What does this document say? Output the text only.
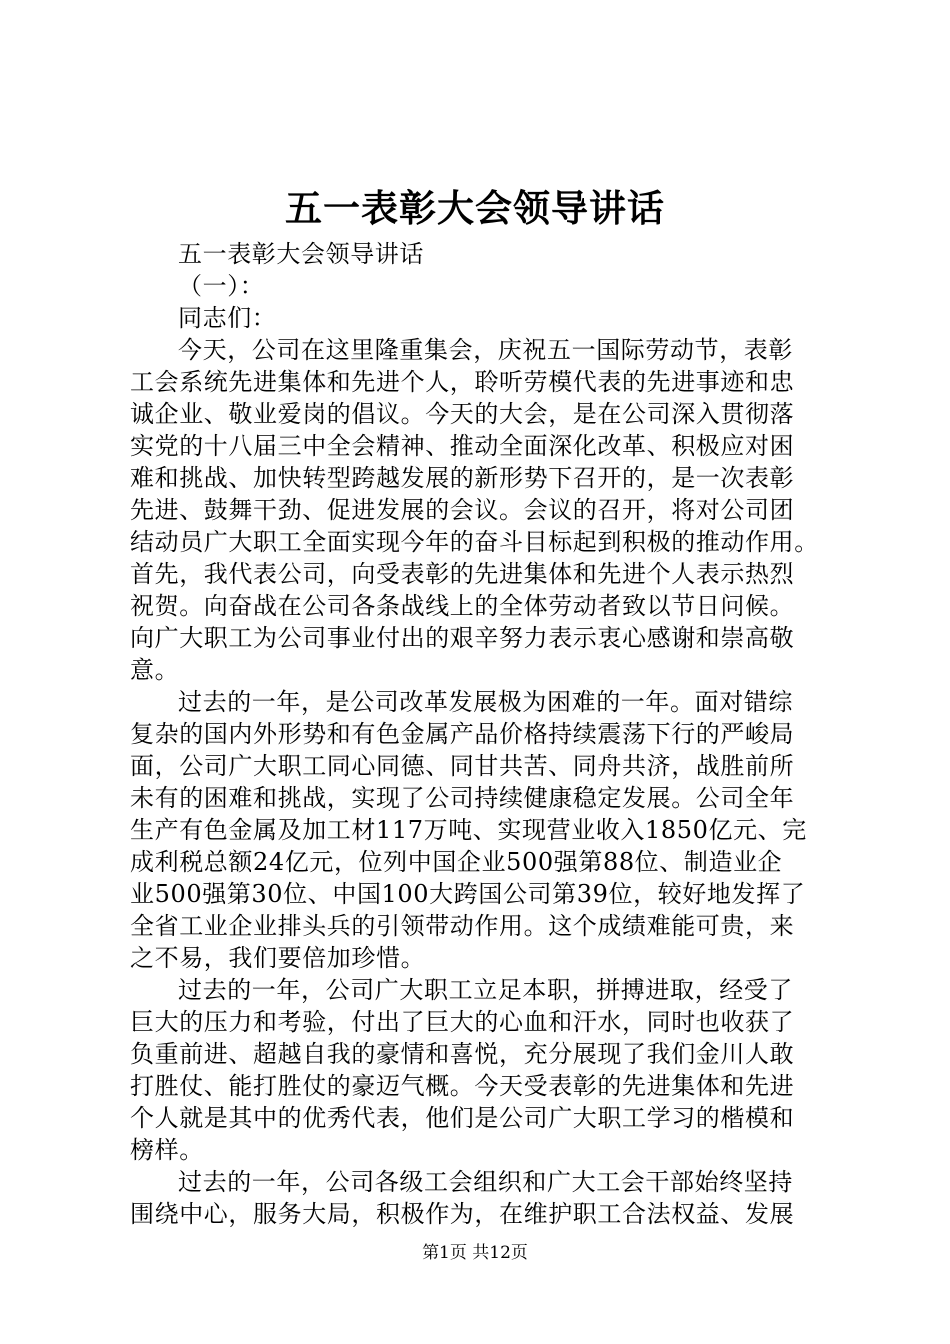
五一表彰大会领导讲话
五一表彰大会领导讲话
（一）：
同志们：
今天，公司在这里隆重集会，庆祝五一国际劳动节，表彰
工会系统先进集体和先进个人，聆听劳模代表的先进事迹和忠
诚企业、敬业爱岗的倡议。今天的大会，是在公司深入贯彻落
实党的十八届三中全会精神、推动全面深化改革、积极应对困
难和挑战、加快转型跨越发展的新形势下召开的，是一次表彰
先进、鼓舞干劲、促进发展的会议。会议的召开，将对公司团
结动员广大职工全面实现今年的奋斗目标起到积极的推动作用。
首先，我代表公司，向受表彰的先进集体和先进个人表示热烈
祝贺。向奋战在公司各条战线上的全体劳动者致以节日问候。
向广大职工为公司事业付出的艰辛努力表示衷心感谢和崇高敬
意。
过去的一年，是公司改革发展极为困难的一年。面对错综
复杂的国内外形势和有色金属产品价格持续震荡下行的严峻局
面，公司广大职工同心同德、同甘共苦、同舟共济，战胜前所
未有的困难和挑战，实现了公司持续健康稳定发展。公司全年
生产有色金属及加工材117万吨、实现营业收入1850亿元、完
成利税总额24亿元，位列中国企业500强第88位、制造业企
业500强第30位、中国100大跨国公司第39位，较好地发挥了
全省工业企业排头兵的引领带动作用。这个成绩难能可贵，来
之不易，我们要倍加珍惜。
过去的一年，公司广大职工立足本职，拼搏进取，经受了
巨大的压力和考验，付出了巨大的心血和汗水，同时也收获了
负重前进、超越自我的豪情和喜悦，充分展现了我们金川人敢
打胜仗、能打胜仗的豪迈气概。今天受表彰的先进集体和先进
个人就是其中的优秀代表，他们是公司广大职工学习的楷模和
榜样。
过去的一年，公司各级工会组织和广大工会干部始终坚持
围绕中心，服务大局，积极作为，在维护职工合法权益、发展
第1页 共12页
